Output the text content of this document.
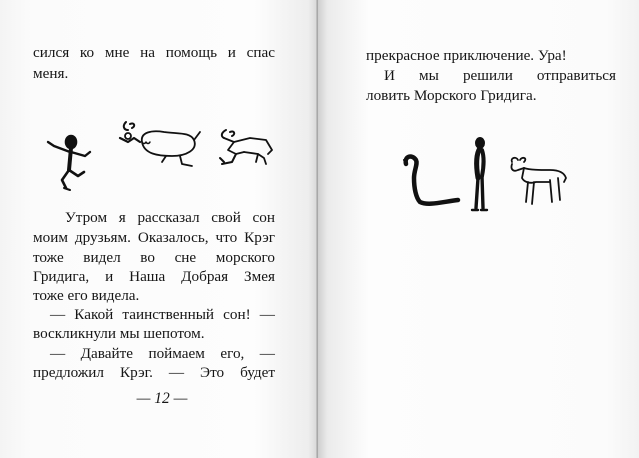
сился ко мне на помощь и спас
меня.
Утром я рассказал свой сон
моим друзьям. Оказалось, что Крэг
тоже видел во сне морского
Гридига, и Наша Добрая Змея
тоже его видела.
— Какой таинственный сон! —
воскликнули мы шепотом.
— Давайте поймаем его, —
предложил Крэг. — Это будет
— 12 —
прекрасное приключение. Ура!
И мы решили отправиться
ловить Морского Гридига.
